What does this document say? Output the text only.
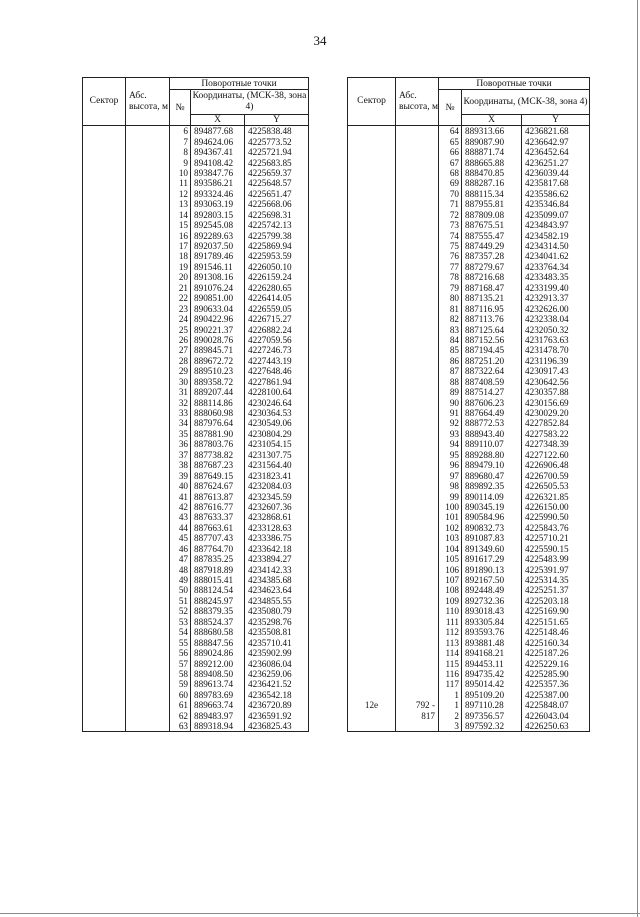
34
Сектор	Абс. высота, м	Поворотные точки		
		№	Координаты, (МСК-38, зона 4)	
			X	Y
		6	894877.68	4225838.48
		7	894624.06	4225773.52
		8	894367.41	4225721.94
		9	894108.42	4225683.85
		10	893847.76	4225659.37
		11	893586.21	4225648.57
		12	893324.46	4225651.47
		13	893063.19	4225668.06
		14	892803.15	4225698.31
		15	892545.08	4225742.13
		16	892289.63	4225799.38
		17	892037.50	4225869.94
		18	891789.46	4225953.59
		19	891546.11	4226050.10
		20	891308.16	4226159.24
		21	891076.24	4226280.65
		22	890851.00	4226414.05
		23	890633.04	4226559.05
		24	890422.96	4226715.27
		25	890221.37	4226882.24
		26	890028.76	4227059.56
		27	889845.71	4227246.73
		28	889672.72	4227443.19
		29	889510.23	4227648.46
		30	889358.72	4227861.94
		31	889207.44	4228100.64
		32	888114.86	4230246.64
		33	888060.98	4230364.53
		34	887976.64	4230549.06
		35	887881.90	4230804.29
		36	887803.76	4231054.15
		37	887738.82	4231307.75
		38	887687.23	4231564.40
		39	887649.15	4231823.41
		40	887624.67	4232084.03
		41	887613.87	4232345.59
		42	887616.77	4232607.36
		43	887633.37	4232868.61
		44	887663.61	4233128.63
		45	887707.43	4233386.75
		46	887764.70	4233642.18
		47	887835.25	4233894.27
		48	887918.89	4234142.33
		49	888015.41	4234385.68
		50	888124.54	4234623.64
		51	888245.97	4234855.55
		52	888379.35	4235080.79
		53	888524.37	4235298.76
		54	888680.58	4235508.81
		55	888847.56	4235710.41
		56	889024.86	4235902.99
		57	889212.00	4236086.04
		58	889408.50	4236259.06
		59	889613.74	4236421.52
		60	889783.69	4236542.18
		61	889663.74	4236720.89
		62	889483.97	4236591.92
		63	889318.94	4236825.43
Сектор	Абс. высота, м	Поворотные точки		
		№	Координаты, (МСК-38, зона 4)	
			X	Y
		64	889313.66	4236821.68
		65	889087.90	4236642.97
		66	888871.74	4236452.64
		67	888665.88	4236251.27
		68	888470.85	4236039.44
		69	888287.16	4235817.68
		70	888115.34	4235586.62
		71	887955.81	4235346.84
		72	887809.08	4235099.07
		73	887675.51	4234843.97
		74	887555.47	4234582.19
		75	887449.29	4234314.50
		76	887357.28	4234041.62
		77	887279.67	4233764.34
		78	887216.68	4233483.35
		79	887168.47	4233199.40
		80	887135.21	4232913.37
		81	887116.95	4232626.00
		82	887113.76	4232338.04
		83	887125.64	4232050.32
		84	887152.56	4231763.63
		85	887194.45	4231478.70
		86	887251.20	4231196.39
		87	887322.64	4230917.43
		88	887408.59	4230642.56
		89	887514.27	4230357.88
		90	887606.23	4230156.69
		91	887664.49	4230029.20
		92	888772.53	4227852.84
		93	888943.40	4227583.22
		94	889110.07	4227348.39
		95	889288.80	4227122.60
		96	889479.10	4226906.48
		97	889680.47	4226700.59
		98	889892.35	4226505.53
		99	890114.09	4226321.85
		100	890345.19	4226150.00
		101	890584.96	4225990.50
		102	890832.73	4225843.76
		103	891087.83	4225710.21
		104	891349.60	4225590.15
		105	891617.29	4225483.99
		106	891890.13	4225391.97
		107	892167.50	4225314.35
		108	892448.49	4225251.37
		109	892732.36	4225203.18
		110	893018.43	4225169.90
		111	893305.84	4225151.65
		112	893593.76	4225148.46
		113	893881.48	4225160.34
		114	894168.21	4225187.26
		115	894453.11	4225229.16
		116	894735.42	4225285.90
		117	895014.42	4225357.36
		1	895109.20	4225387.00
12e	792 -	1	897110.28	4225848.07
	817	2	897356.57	4226043.04
		3	897592.32	4226250.63
